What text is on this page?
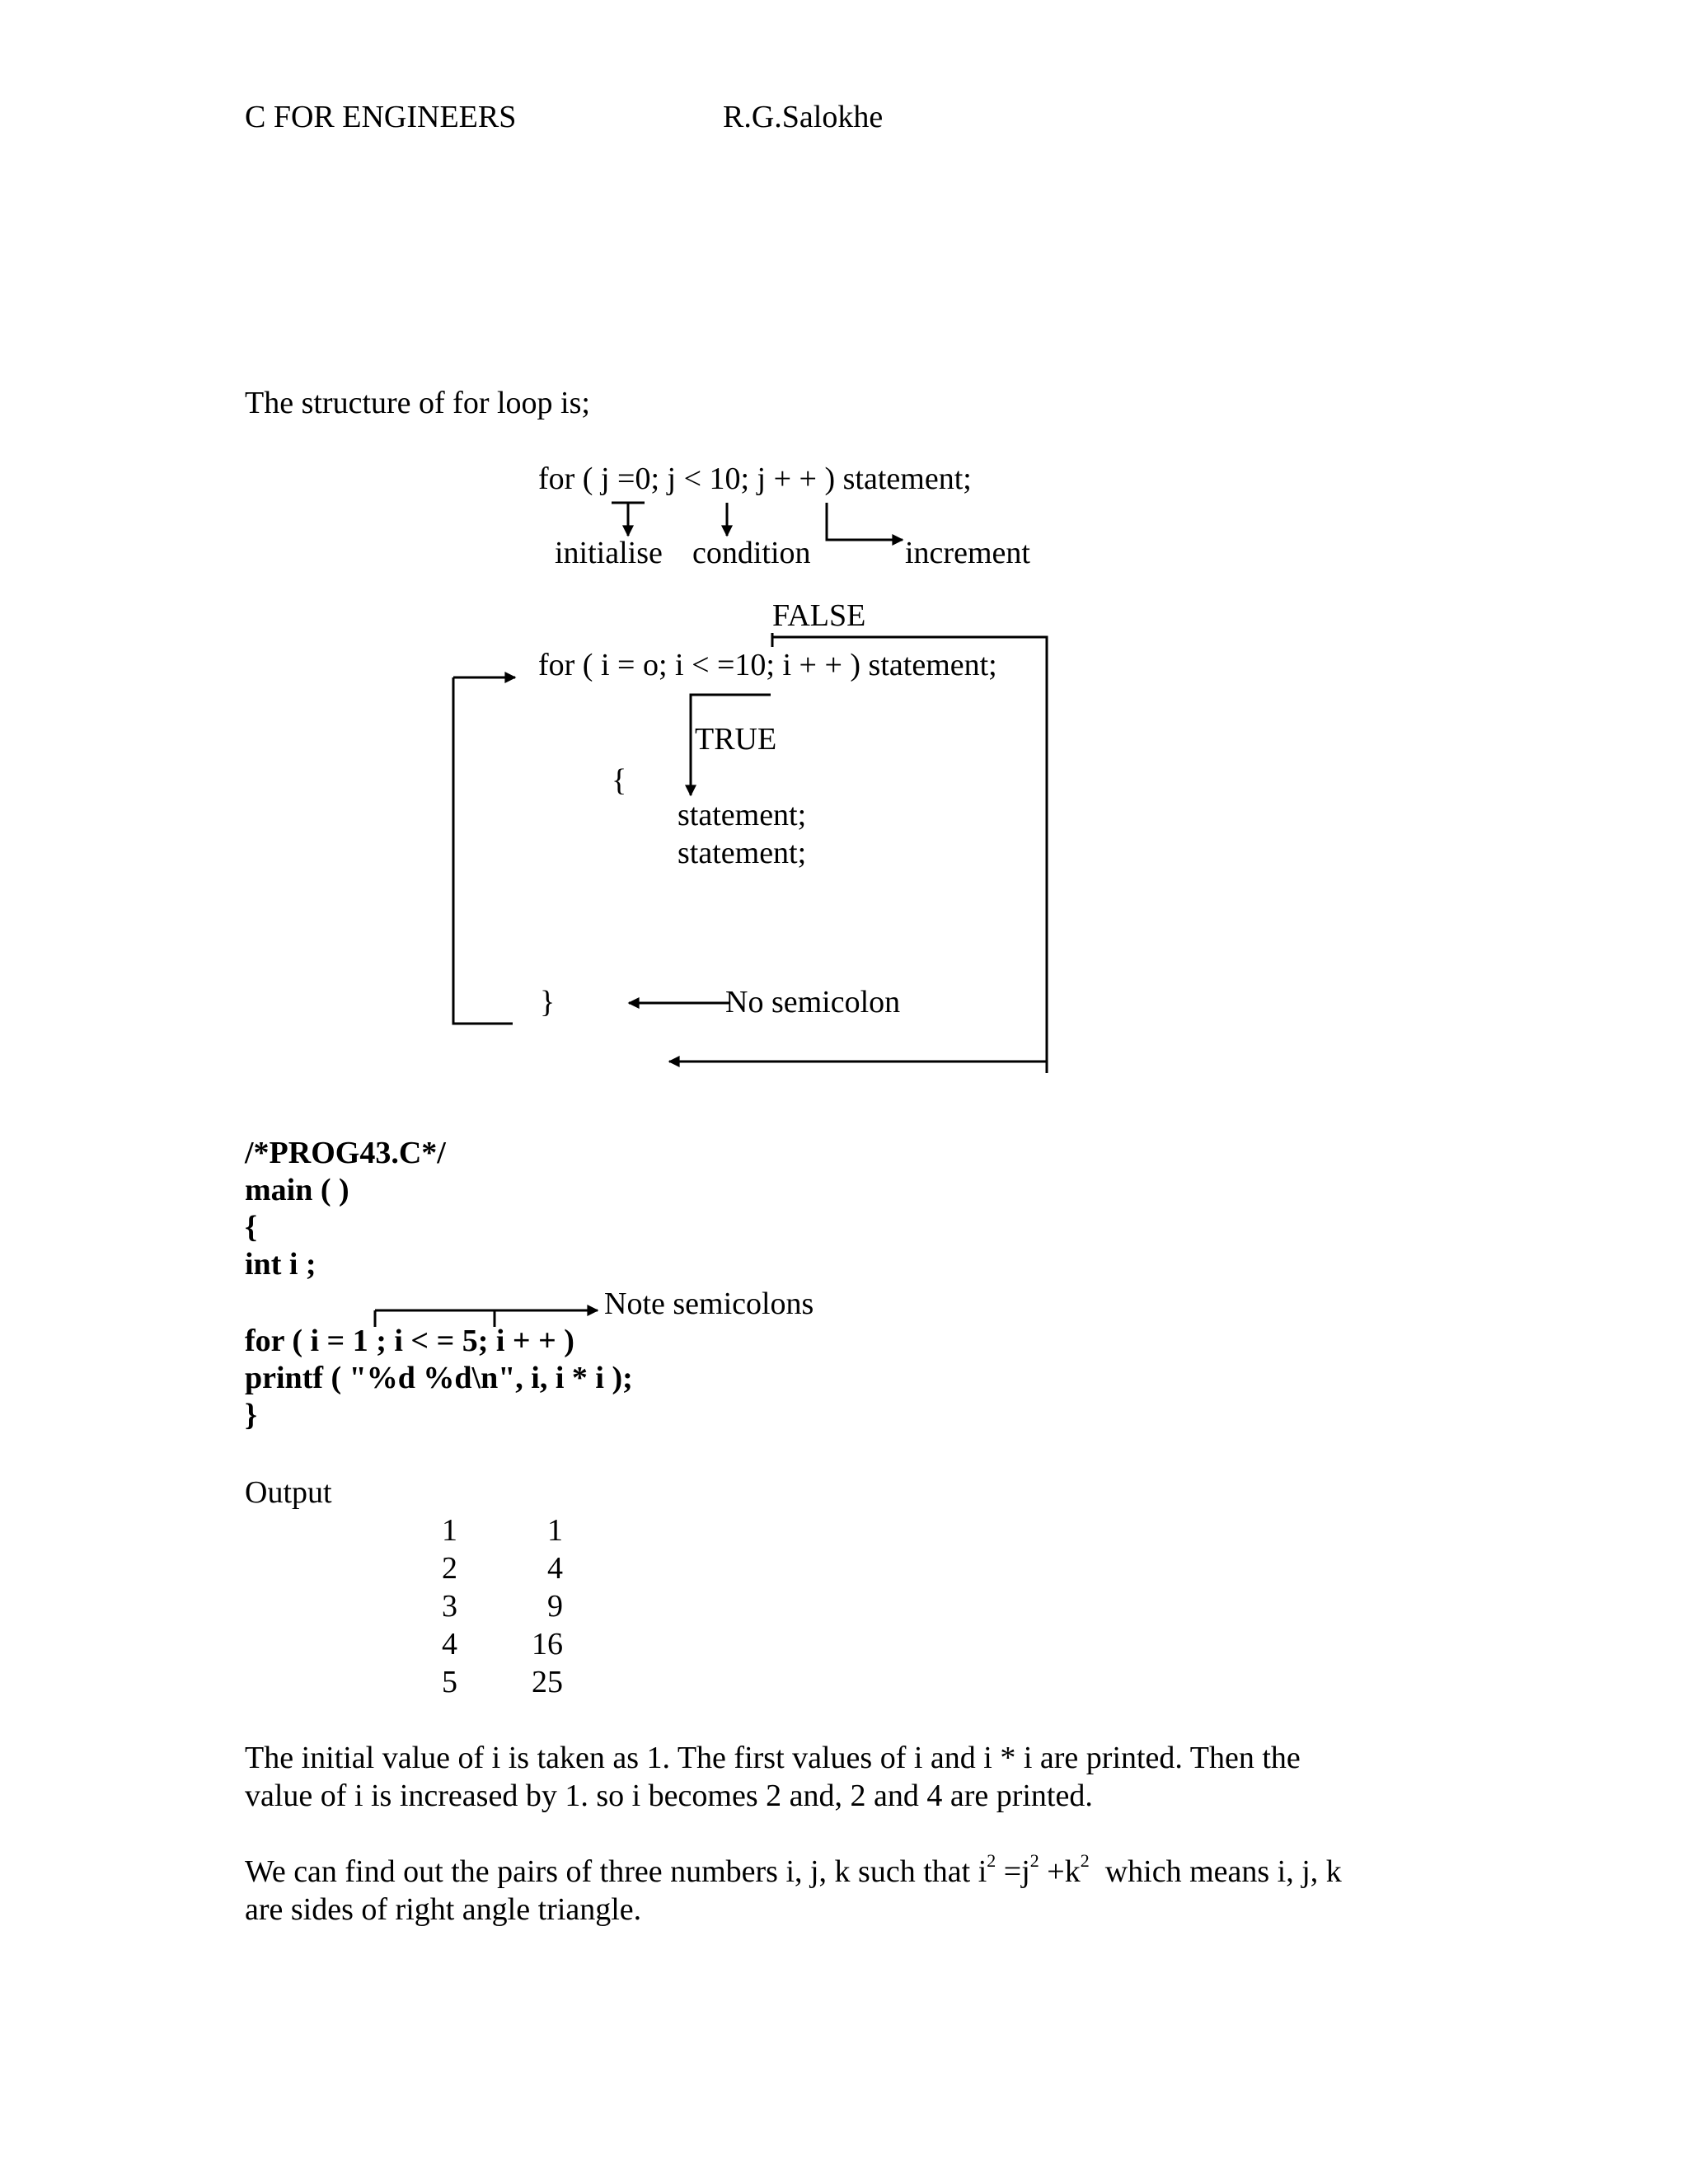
C FOR ENGINEERS	R.G.Salokhe
The structure of for loop is;
for ( j =0; j < 10; j + + ) statement;
initialise condition	increment
FALSE
for ( i = o; i < =10; i + + ) statement;
TRUE
{
statement;
statement;
}	No semicolon
/*PROG43.C*/
main ( )
{
int i ;
Note semicolons
for ( i = 1 ; i < = 5; i + + )
printf ( "%d %d\n", i, i * i );
}
Output
1	1
2	4
3	9
4	16
5	25
The initial value of i is taken as 1. The first values of i and i * i are printed. Then the
value of i is increased by 1. so i becomes 2 and, 2 and 4 are printed.
We can find out the pairs of three numbers i, j, k such that $i^2 =j^2 +k^2$  which means i, j, k
are sides of right angle triangle.
